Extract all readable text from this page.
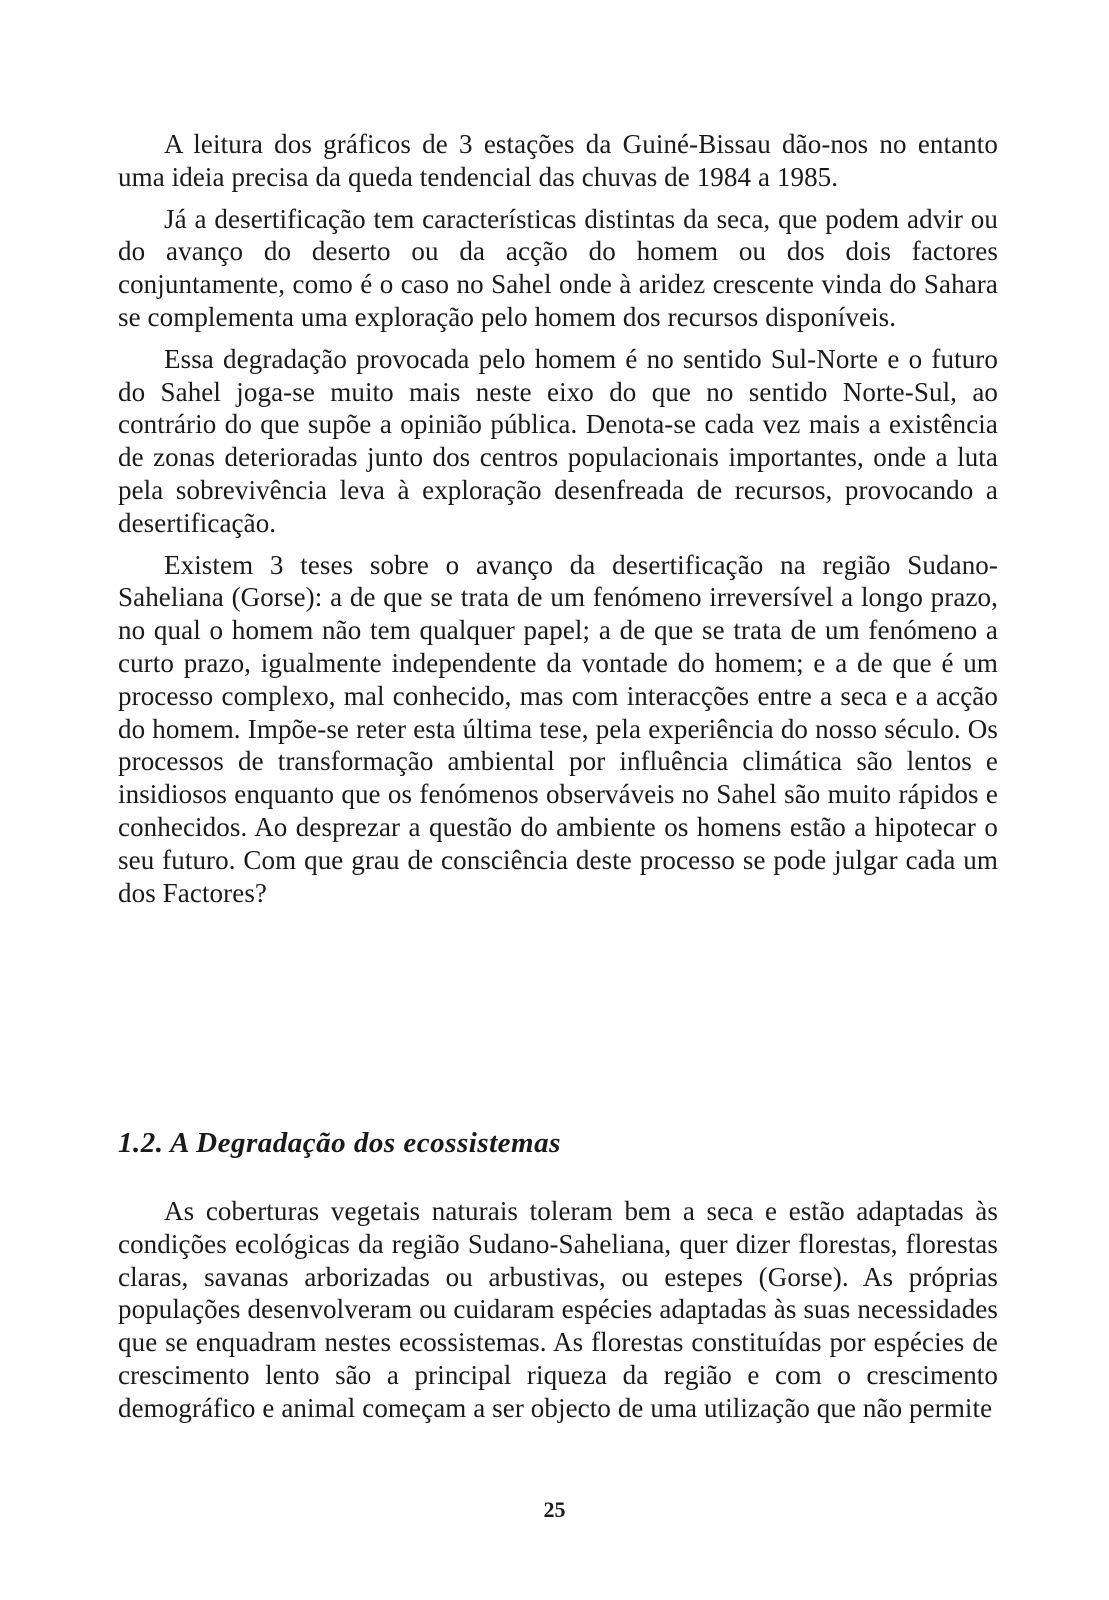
A leitura dos gráficos de 3 estações da Guiné-Bissau dão-nos no entanto uma ideia precisa da queda tendencial das chuvas de 1984 a 1985.

Já a desertificação tem características distintas da seca, que podem advir ou do avanço do deserto ou da acção do homem ou dos dois factores conjuntamente, como é o caso no Sahel onde à aridez crescente vinda do Sahara se complementa uma exploração pelo homem dos recursos disponíveis.

Essa degradação provocada pelo homem é no sentido Sul-Norte e o futuro do Sahel joga-se muito mais neste eixo do que no sentido Norte-Sul, ao contrário do que supõe a opinião pública. Denota-se cada vez mais a existência de zonas deterioradas junto dos centros populacionais importantes, onde a luta pela sobrevivência leva à exploração desenfreada de recursos, provocando a desertificação.

Existem 3 teses sobre o avanço da desertificação na região Sudano-Saheliana (Gorse): a de que se trata de um fenómeno irreversível a longo prazo, no qual o homem não tem qualquer papel; a de que se trata de um fenómeno a curto prazo, igualmente independente da vontade do homem; e a de que é um processo complexo, mal conhecido, mas com interacções entre a seca e a acção do homem. Impõe-se reter esta última tese, pela experiência do nosso século. Os processos de transformação ambiental por influência climática são lentos e insidiosos enquanto que os fenómenos observáveis no Sahel são muito rápidos e conhecidos. Ao desprezar a questão do ambiente os homens estão a hipotecar o seu futuro. Com que grau de consciência deste processo se pode julgar cada um dos Factores?

1.2. A Degradação dos ecossistemas

As coberturas vegetais naturais toleram bem a seca e estão adaptadas às condições ecológicas da região Sudano-Saheliana, quer dizer florestas, florestas claras, savanas arborizadas ou arbustivas, ou estepes (Gorse). As próprias populações desenvolveram ou cuidaram espécies adaptadas às suas necessidades que se enquadram nestes ecossistemas. As florestas constituídas por espécies de crescimento lento são a principal riqueza da região e com o crescimento demográfico e animal começam a ser objecto de uma utilização que não permite

25
